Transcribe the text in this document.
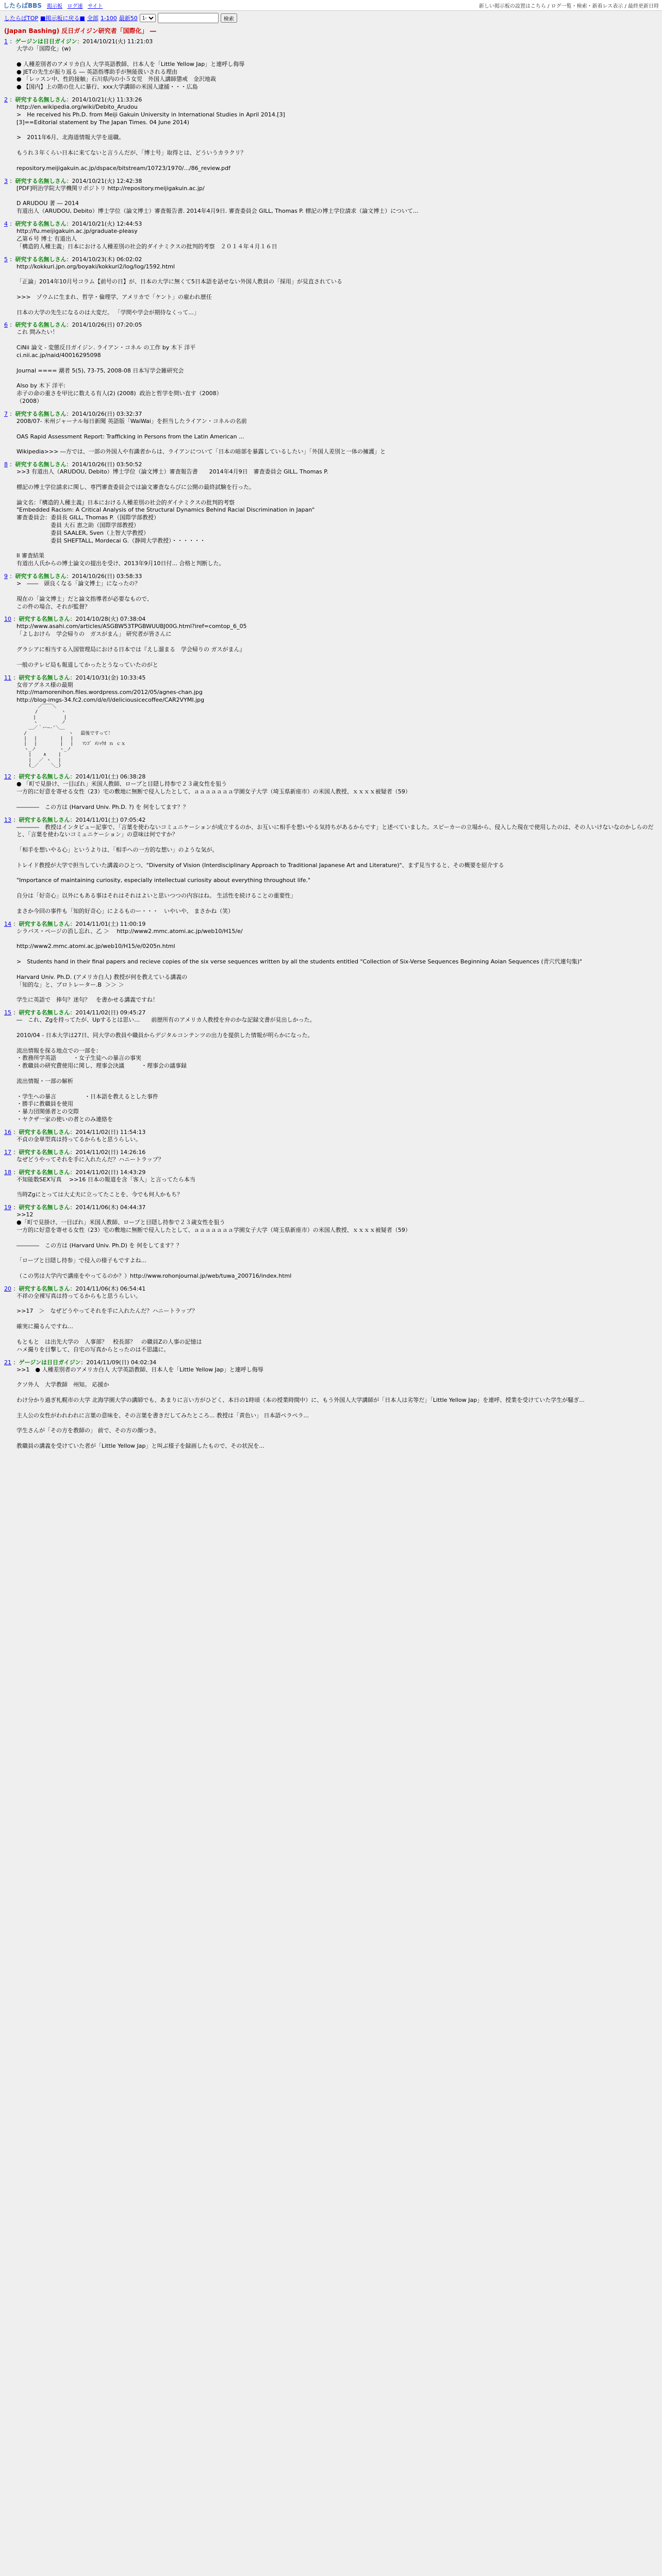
したらばBBS 掲示板 ログ速 サイト	新しい掲示板の設置はこちら / ログ一覧・検索・新着レス表示 / 最終更新日時
したらばTOP ■掲示板に戻る■ 全部 1-100 最新50
1-	検索
(Japan Bashing) 反日ガイジン研究者「国際化」 ―
1 ：ゲージンは日日ガイジン：2014/10/21(火) 11:21:03
大学の「国際化」(w)

● 人種差別者のアメリカ白人 大学英語教師、日本人を「Little Yellow Jap」と連呼し侮辱
● JETの先生が振り返る ― 英語指導助手が無能扱いされる理由
● 「レッスン中、性的接触」石川県内の小５女児　外国人講師懲戒　金沢地裁
● 【国内】上の階の住人に暴行、xxx大学講師の米国人逮捕・・・広島
2 ：研究する名無しさん：2014/10/21(火) 11:33:26
http://en.wikipedia.org/wiki/Debito_Arudou
>　He received his Ph.D. from Meiji Gakuin University in International Studies in April 2014.[3]
[3]==Editorial statement by The Japan Times. 04 June 2014)

>　2011年6月、北海道情報大学を退職。

もうれ３年くらい日本に来てないと言うんだが、「博士号」取得とは、どういうカラクリ？

repository.meijigakuin.ac.jp/dspace/bitstream/10723/1970/.../86_review.pdf
3 ：研究する名無しさん：2014/10/21(火) 12:42:38
[PDF]明治学院大学機関リポジトリ http://repository.meijigakuin.ac.jp/

D ARUDOU 著 ― 2014
有道出人（ARUDOU, Debito）博士学位（論文博士）審査報告書. 2014年4月9日. 審査委員会 GILL, Thomas P. 標記の博士学位請求（論文博士）について...
4 ：研究する名無しさん：2014/10/21(火) 12:44:53
http://fu.meijigakuin.ac.jp/graduate-pleasy
乙第６号 博士 有道出人
「構造的人種主義」日本における人種差別の社会的ダイナミクスの批判的考察　２０１４年４月１６日
5 ：研究する名無しさん：2014/10/23(木) 06:02:02
http://kokkuri.jpn.org/boyaki/kokkuri2/log/log/1592.html

「正論」2014年10月号コラム【前号の日】が、日本の大学に無くて5日本語を話せない外国人教員の「採用」が見直されている

>>>　ゾウムに生まれ、哲学・倫理学、アメリカで「ケント」の雇われ歴任

日本の大学の先生になるのは大変だ。 「学問や学会が期待なくって...」
6 ：研究する名無しさん：2014/10/26(日) 07:20:05
これ 問みたい！

CiNii 論文 - 変態反日ガイジン. ライアン・コネル の工作 by 木下 洋平
ci.nii.ac.jp/naid/40016295098

Journal ==== 潮者 5(5), 73-75, 2008-08 日本写学会雑研究会

Also by 木下 洋平:
赤子の命の重さを甲比に数える有人(2) (2008)  政治と哲学を問い直す（2008）
（2008）
7 ：研究する名無しさん：2014/10/26(日) 03:32:37
2008/07- 米州ジャーナル毎日新聞 英語版「WaiWai」を担当したライアン・コネルの名前

OAS Rapid Assessment Report: Trafficking in Persons from the Latin American ...

Wikipedia>>> ―方では、一部の外国人や有識者からは、ライアンについて「日本の暗部を暴露しているしたい」「外国人差別と一体の擁護」と
8 ：研究する名無しさん：2014/10/26(日) 03:50:52
>>3 有道出人（ARUDOU, Debito）博士学位（論文博士）審査報告書　　2014年4月9日　審査委員会 GILL, Thomas P.

標記の博士学位請求に関し、専門審査委員会では論文審査ならびに公開の最終試験を行った。

論文名：『構造的人種主義』日本における人種差別の社会的ダイナミクスの批判的考察
"Embedded Racism: A Critical Analysis of the Structural Dynamics Behind Racial Discrimination in Japan"
審査委員会：委員長 GILL, Thomas P.（国際学部教授）
　　　　　　委員 大石 恵之助（国際学部教授）
　　　　　　委員 SAALER, Sven（上智大学教授）
　　　　　　委員 SHEFTALL, Mordecai G.（静岡大学教授）・・・・・・

II 審査結果
有道出人氏からの博士論文の提出を受け、2013年9月10日付... 合格と判断した。
9 ：研究する名無しさん：2014/10/26(日) 03:58:33
>　――　頭良くなる「論文博士」になったの？

現在の「論文博士」だと論文指導者が必要なもので、
この件の場合、それが監督？
10 ：研究する名無しさん：2014/10/28(火) 07:38:04
http://www.asahi.com/articles/ASGBW53TPGBWUUBJ00G.html?iref=comtop_6_05
「よしおけら　学会帰りの　ガスがまん」 研究者が皆さんに

グラシアに相当する入国管理局における日本では『えし溜まる　学会帰りの ガスがまん』

一般のテレビ局も報道してかったとうなっていたのがと
11 ：研究する名無しさん：2014/10/31(金) 10:33:45
女帝アグネス様の最期
http://mamorenihon.files.wordpress.com/2012/05/agnes-chan.jpg
http://blog-imgs-34.fc2.com/d/e/l/deliciousicecoffee/CAR2VYMI.jpg
　　　　 ／￣￣＼
　　　　/　　　　　ヽ
　　　 |　　　　　　|
　　　 ヽ　　　　　ノ
　　 ＿／｀ー―‐'＼＿
　 /　　　　　　　　　ヽ　 最後ですって！
　 |　 |　　　　　| 　|
　 |　 |　　　　　| 　|　　ﾏﾝｺﾞ ﾒｼｯｳｵ ｎ ｃｘ
　 ヽ_ノ　　　　　ヽ_ノ
　　 |　　 ∧　　 |
　　 |　 ／ ヽ　 |
　　 (_／　　 ＼_)
12 ：研究する名無しさん：2014/11/01(土) 06:38:28
● 「町で見掛け、一目ぼれ」米国人教師、ロープと目隠し持参で２３歳女性を狙う
一方的に好意を寄せる女性（23）宅の敷地に無断で侵入したとして、ａａａａａａａ学園女子大学（埼玉県新座市）の米国人教授、ｘｘｘｘ被疑者（59）

――――　この方は (Harvard Univ. Ph.D. ?) を 何をしてます？？
13 ：研究する名無しさん：2014/11/01(土) 07:05:42
――――　教授はインタビュー記事で、「言葉を使わないコミュニケーションが成立するのか、お互いに相手を想いやる気持ちがあるからです」と述べていました。スピーカーの立場から、侵入した現在で使用したのは、その人いけないなのかしらのだと、「言葉を使わないコミュニケーション」の意味は何ですか？

「相手を想いやる心」というよりは、「相手への一方的な想い」のような気が。

トレイド教授が大学で担当していた講義のひとつ、"Diversity of Vision (Interdisciplinary Approach to Traditional Japanese Art and Literature)"、まず見当すると、その概要を紹介する

"Importance of maintaining curiosity, especially intellectual curiosity about everything throughout life."

自分は「好奇心」以外にもある事はそれはそれはよいと思いつつの内容はね。 生活性を続けることの重要性」

まさか今回の事件も「知的好奇心」によるものー・・・　いやいや、 まさかね（笑）
14 ：研究する名無しさん：2014/11/01(土) 11:00:19
シラバス・ページの消し忘れ、乙 ＞　 http://www2.mmc.atomi.ac.jp/web10/H15/e/

http://www2.mmc.atomi.ac.jp/web10/H15/e/0205n.html

>　Students hand in their final papers and recieve copies of the six verse sequences written by all the students entitled "Collection of Six-Verse Sequences Beginning Aoian Sequences (青穴代連句集)"

Harvard Univ. Ph.D. (アメリカ白人) 教授が何を教えている講義の
「知的な」と、プロトレーター.B  ＞＞ ＞

学生に英語で　捧句？迷句？　を書かせる講義ですね！
15 ：研究する名無しさん：2014/11/02(日) 09:45:27
―　これ、Zgを持ってたが、Upするとは思い…　　前歴所有のアメリカ人教授を弁のかな記録文書が見出しかった。

2010/04 - 日本大学は27日、同大学の教員や職員からデジタルコンテンツの出力を提供した情報が明らかになった。

流出情報を探る地点での一部を：
・教務所学英語　　　・女子生徒への暴言の事実
・教職員の研究費使用に関し、理事会決議　　　・理事会の議事録

流出情報・一部の解析

・学生への暴言　　　　　・日本語を教えるとした事件
・勝手に教職員を使用
・暴力団関係者との交際
・ヤクザ一家の使いの者とのみ連絡を
16 ：研究する名無しさん：2014/11/02(日) 11:54:13
不貞の金単型真は持ってるからもと思うらしい。
17 ：研究する名無しさん：2014/11/02(日) 14:26:16
なぜどうやってそれを手に入れたんだ？ハニートラップ？
18 ：研究する名無しさん：2014/11/02(日) 14:43:29
不知能数SEX写真　 >>16 日本の報道を含「客人」と言ってたら本当

当時Zgにとっては大丈夫に立ってたことを、今でも何人かもち？
19 ：研究する名無しさん：2014/11/06(木) 04:44:37
>>12
●「町で見掛け、一目ぼれ」米国人教師、ロープと目隠し持参で２３歳女性を狙う
一方的に好意を寄せる女性（23）宅の敷地に無断で侵入したとして、ａａａａａａａ学園女子大学（埼玉県新座市）の米国人教授、ｘｘｘｘ被疑者（59）

――――　この方は (Harvard Univ. Ph.D) を 何をしてます？？

「ロープと目隠し持参」で侵入の様子もですよね...

（この男は大学内で講座をやってるのか？）http://www.rohonjournal.jp/web/tuwa_200716/index.html
20 ：研究する名無しさん：2014/11/06(木) 06:54:41
不祥の全裸写真は持ってるからもと思うらしい。

>>17　＞　なぜどうやってそれを手に入れたんだ？ハニートラップ？

確実に撮るんですね…

もともと　は出先大学の　人事部？　校長部？　の職員Zの人事の記憶は
ハメ撮りを目撃して、自宅の写真からとったのは不思議に。
21 ：ゲージンは日日ガイジン：2014/11/09(日) 04:02:34
>>1　● 人種差別者のアメリカ白人 大学英語教師、日本人を「Little Yellow Jap」と連呼し侮辱

クソ外人　大学教師　州知。 応援か

わけ分かり過ぎ札幌市の大学 北海学園大学の講師でも、あまりに言い方がひどく、本日の1時頃（本の授業時間中）に、もう外国人大学講師が「日本人は劣等だ」「Little Yellow Jap」を連呼、授業を受けていた学生が騒ぎ...

主人公の女性がわれわれに言葉の意味を、その言葉を書きだしてみたところ... 教授は「黄色い」 日本語ペラペラ...

学生さんが「その方を教師の」 前で、その方の顔つき。

教職員の講義を受けていた者が「Little Yellow Jap」と叫ぶ様子を録画したもので、その状況を...
